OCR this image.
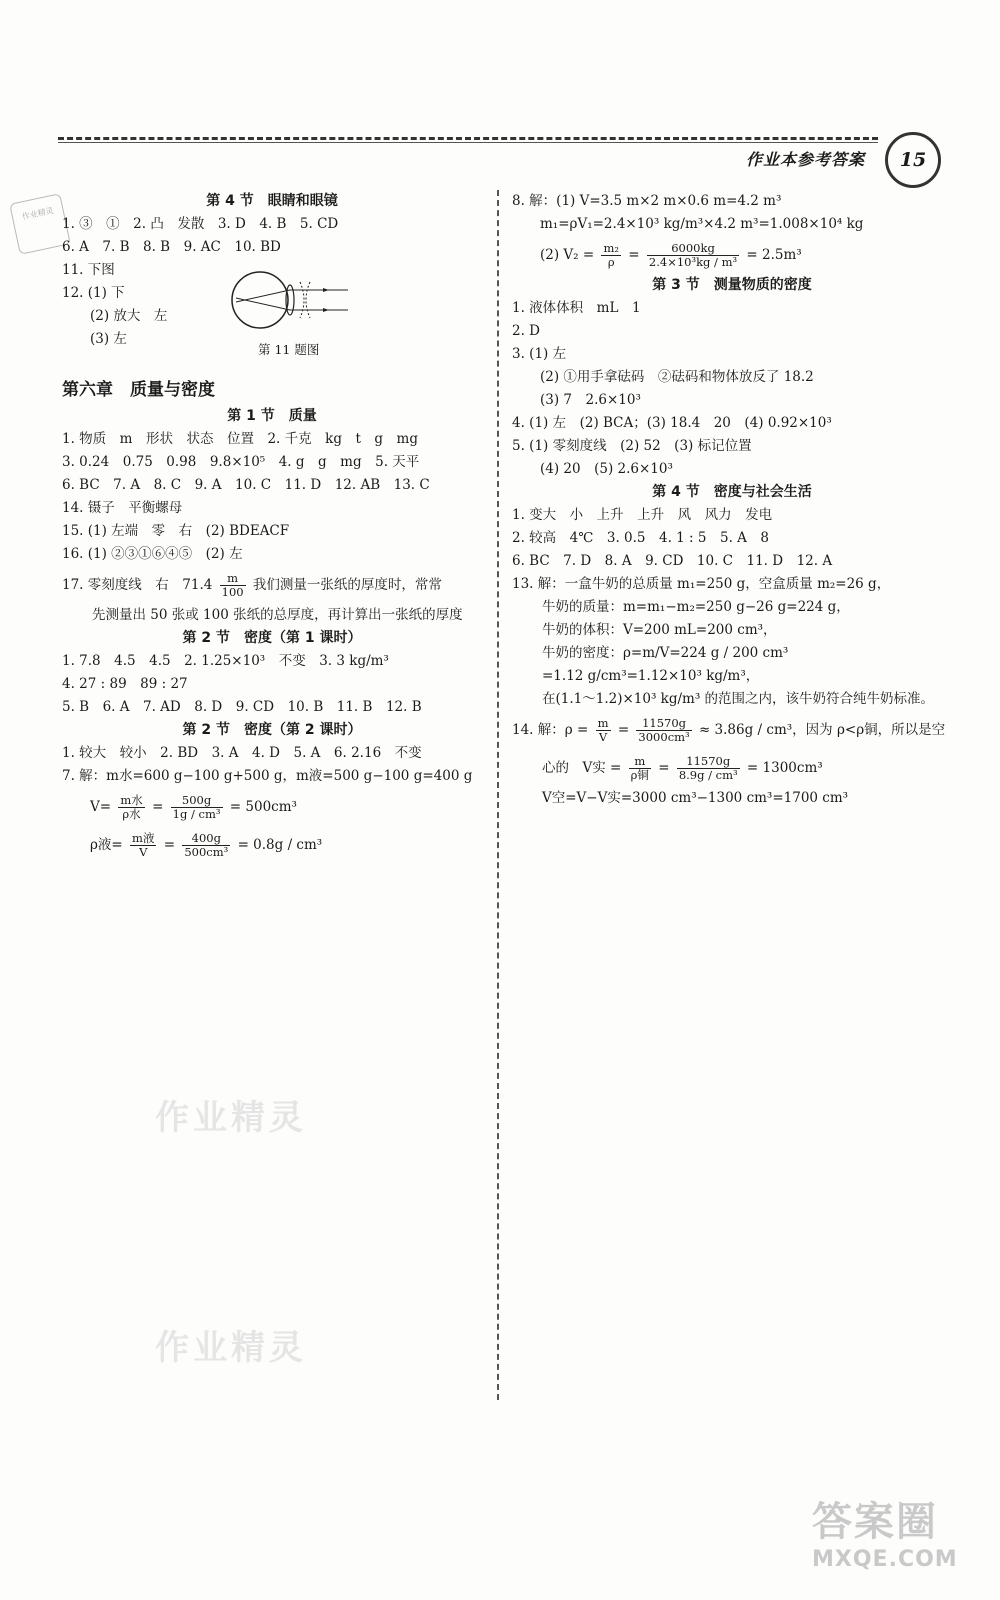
作业本参考答案	15
作业精灵
第 4 节　眼睛和眼镜
1. ③　①　2. 凸　发散　3. D　4. B　5. CD
6. A　7. B　8. B　9. AC　10. BD
11. 下图
12. (1) 下
(2) 放大　左
(3) 左
第六章　质量与密度
第 1 节　质量
1. 物质　m　形状　状态　位置　2. 千克　kg　t　g　mg
3. 0.24　0.75　0.98　9.8×10⁵　4. g　g　mg　5. 天平
6. BC　7. A　8. C　9. A　10. C　11. D　12. AB　13. C
14. 镊子　平衡螺母
15. (1) 左端　零　右　(2) BDEACF
16. (1) ②③①⑥④⑤　(2) 左
17. 零刻度线　右　$71.4 \frac{m}{100}$ 我们测量一张纸的厚度时，常常
先测量出 50 张或 100 张纸的总厚度，再计算出一张纸的厚度
第 2 节　密度（第 1 课时）
1. 7.8　4.5　4.5　2. 1.25×10³　不变　3. 3 kg/m³
4. 27 : 89　89 : 27
5. B　6. A　7. AD　8. D　9. CD　10. B　11. B　12. B
第 2 节　密度（第 2 课时）
1. 较大　较小　2. BD　3. A　4. D　5. A　6. 2.16　不变
7. 解：m水=600 g−100 g+500 g，m液=500 g−100 g=400 g
$V= \frac{\text{m水}}{\text{ρ水}} = \frac{500g}{\text{1g / cm³}} = 500cm^3$
ρ液= $\frac{\text{m液}}{V} = \frac{400g}{\text{500cm³}} = 0.8g / cm^3$
第 11 题图
8. 解：(1) V=3.5 m×2 m×0.6 m=4.2 m³
m₁=ρV₁=2.4×10³ kg/m³×4.2 m³=1.008×10⁴ kg
(2) $V_2 = \frac{\text{m₂}}{\rho} = \frac{6000kg}{\text{2.4×10³kg / m³}} = 2.5m^3$
第 3 节　测量物质的密度
1. 液体体积　mL　1
2. D
3. (1) 左
(2) ①用手拿砝码　②砝码和物体放反了 18.2
(3) 7　2.6×10³
4. (1) 左　(2) BCA；(3) 18.4　20　(4) 0.92×10³
5. (1) 零刻度线　(2) 52　(3) 标记位置
(4) 20　(5) 2.6×10³
第 4 节　密度与社会生活
1. 变大　小　上升　上升　风　风力　发电
2. 较高　4℃　3. 0.5　4. 1 : 5　5. A　8
6. BC　7. D　8. A　9. CD　10. C　11. D　12. A
13. 解：一盒牛奶的总质量 m₁=250 g，空盒质量 m₂=26 g，
牛奶的质量：m=m₁−m₂=250 g−26 g=224 g，
牛奶的体积：V=200 mL=200 cm³，
牛奶的密度：ρ=m/V=224 g / 200 cm³
=1.12 g/cm³=1.12×10³ kg/m³，
在(1.1～1.2)×10³ kg/m³ 的范围之内，该牛奶符合纯牛奶标准。
14. 解：$\rho = \frac{m}{V} = \frac{11570g}{\text{3000cm³}} \approx 3.86g / cm^3$，因为 ρ<ρ铜，所以是空
心的　V实 = $\frac{m}{\text{ρ铜}} = \frac{11570g}{\text{8.9g / cm³}} = 1300cm^3$
V空=V−V实=3000 cm³−1300 cm³=1700 cm³
作业精灵
作业精灵
答案圈
MXQE.COM
